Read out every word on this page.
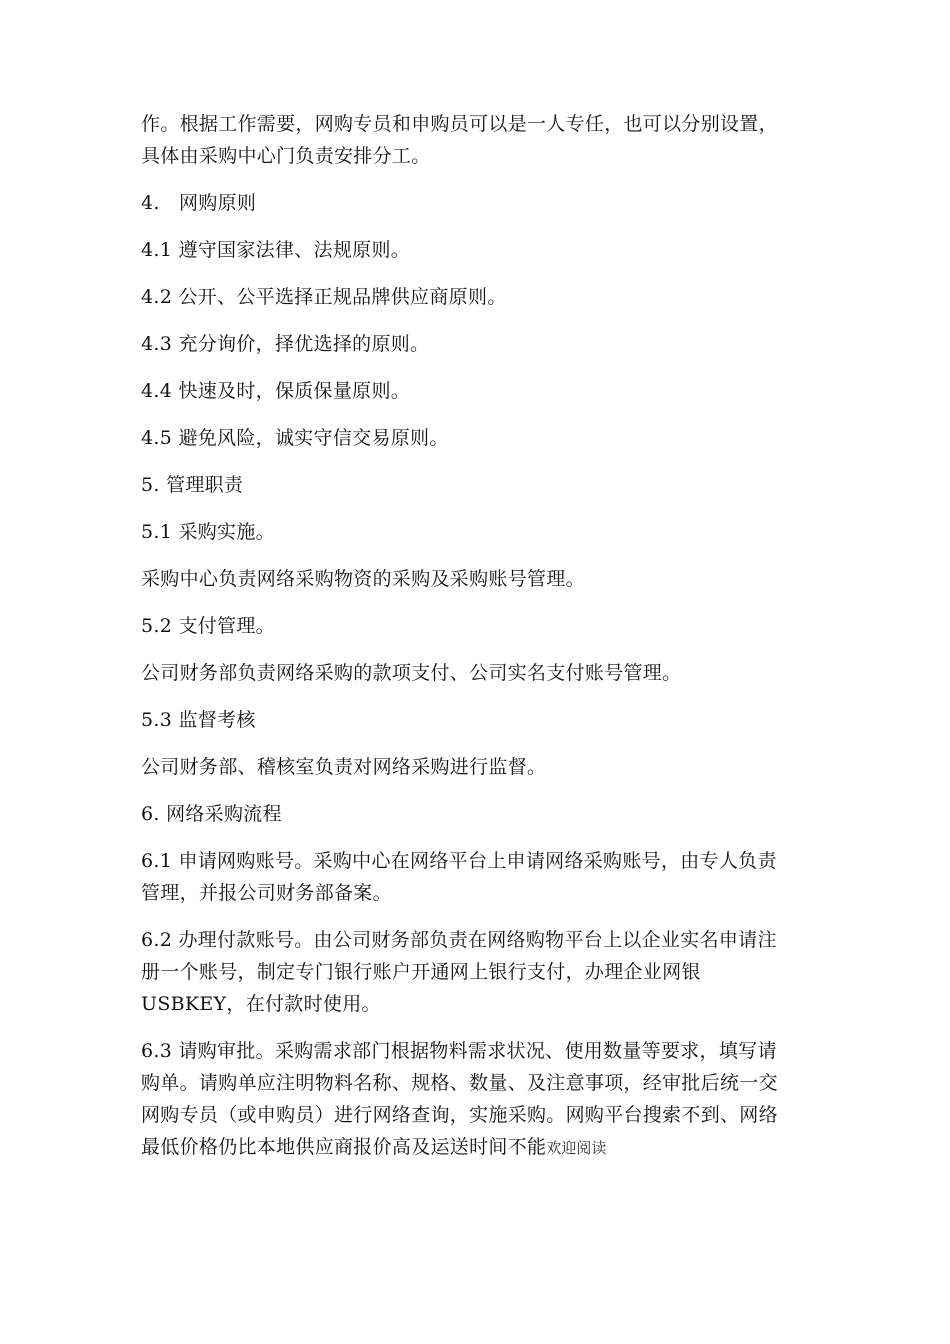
作。根据工作需要，网购专员和申购员可以是一人专任，也可以分别设置，
具体由采购中心门负责安排分工。

4.　网购原则

4.1 遵守国家法律、法规原则。

4.2 公开、公平选择正规品牌供应商原则。

4.3 充分询价，择优选择的原则。

4.4 快速及时，保质保量原则。

4.5 避免风险，诚实守信交易原则。

5. 管理职责

5.1 采购实施。

采购中心负责网络采购物资的采购及采购账号管理。

5.2 支付管理。

公司财务部负责网络采购的款项支付、公司实名支付账号管理。

5.3 监督考核

公司财务部、稽核室负责对网络采购进行监督。

6. 网络采购流程

6.1 申请网购账号。采购中心在网络平台上申请网络采购账号，由专人负责
管理，并报公司财务部备案。

6.2 办理付款账号。由公司财务部负责在网络购物平台上以企业实名申请注
册一个账号，制定专门银行账户开通网上银行支付，办理企业网银
USBKEY，在付款时使用。

6.3 请购审批。采购需求部门根据物料需求状况、使用数量等要求，填写请
购单。请购单应注明物料名称、规格、数量、及注意事项，经审批后统一交
网购专员（或申购员）进行网络查询，实施采购。网购平台搜索不到、网络
最低价格仍比本地供应商报价高及运送时间不能欢迎阅读
